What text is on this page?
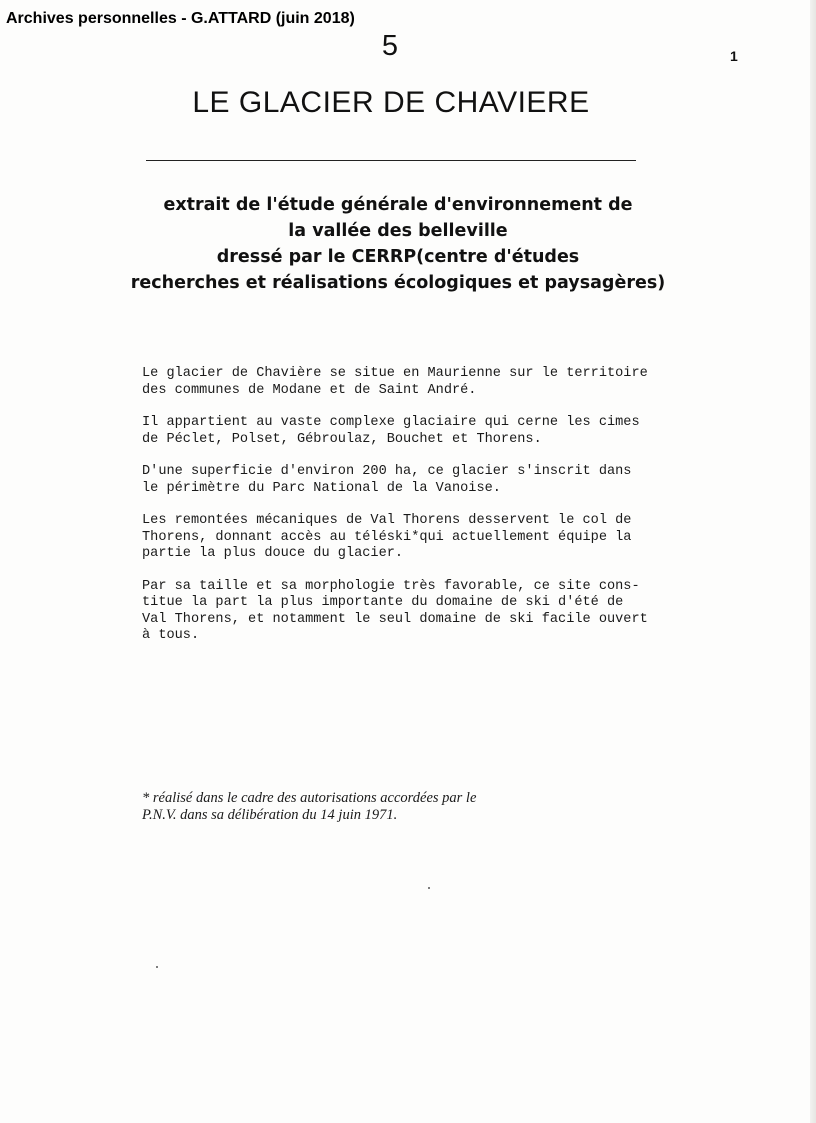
Archives personnelles - G.ATTARD (juin 2018)
5	1
LE GLACIER DE CHAVIERE
extrait de l'étude générale d'environnement de
la vallée des belleville
dressé par le CERRP(centre d'études
recherches et réalisations écologiques et paysagères)

Le glacier de Chavière se situe en Maurienne sur le territoire
des communes de Modane et de Saint André.

Il appartient au vaste complexe glaciaire qui cerne les cimes
de Péclet, Polset, Gébroulaz, Bouchet et Thorens.

D'une superficie d'environ 200 ha, ce glacier s'inscrit dans
le périmètre du Parc National de la Vanoise.

Les remontées mécaniques de Val Thorens desservent le col de
Thorens, donnant accès au téléski*qui actuellement équipe la
partie la plus douce du glacier.

Par sa taille et sa morphologie très favorable, ce site cons-
titue la part la plus importante du domaine de ski d'été de
Val Thorens, et notamment le seul domaine de ski facile ouvert
à tous.

* réalisé dans le cadre des autorisations accordées par le
P.N.V. dans sa délibération du 14 juin 1971.
